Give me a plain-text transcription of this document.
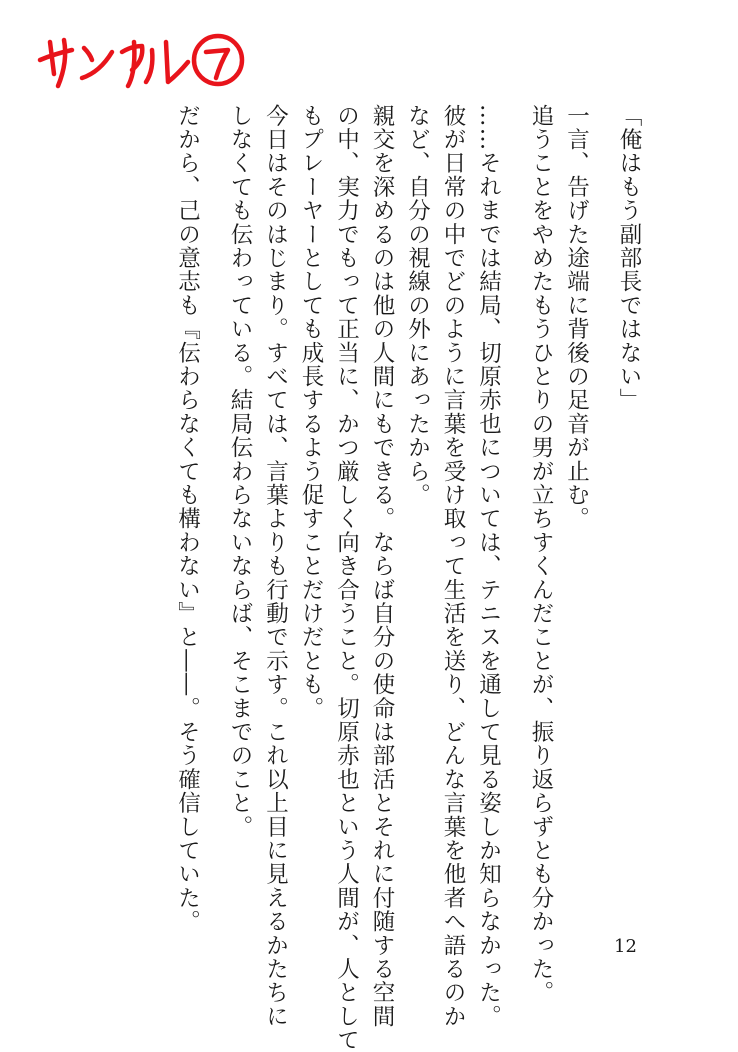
「俺はもう副部長ではない」
一言、告げた途端に背後の足音が止む。
追うことをやめたもうひとりの男が立ちすくんだことが、振り返らずとも分かった。
……それまでは結局、切原赤也については、テニスを通して見る姿しか知らなかった。
彼が日常の中でどのように言葉を受け取って生活を送り、どんな言葉を他者へ語るのか
など、自分の視線の外にあったから。
親交を深めるのは他の人間にもできる。ならば自分の使命は部活とそれに付随する空間
の中、実力でもって正当に、かつ厳しく向き合うこと。切原赤也という人間が、人として
もプレーヤーとしても成長するよう促すことだけだとも。
今日はそのはじまり。すべては、言葉よりも行動で示す。これ以上目に見えるかたちに
しなくても伝わっている。結局伝わらないならば、そこまでのこと。
だから、己の意志も『伝わらなくても構わない』と――。そう確信していた。
12
